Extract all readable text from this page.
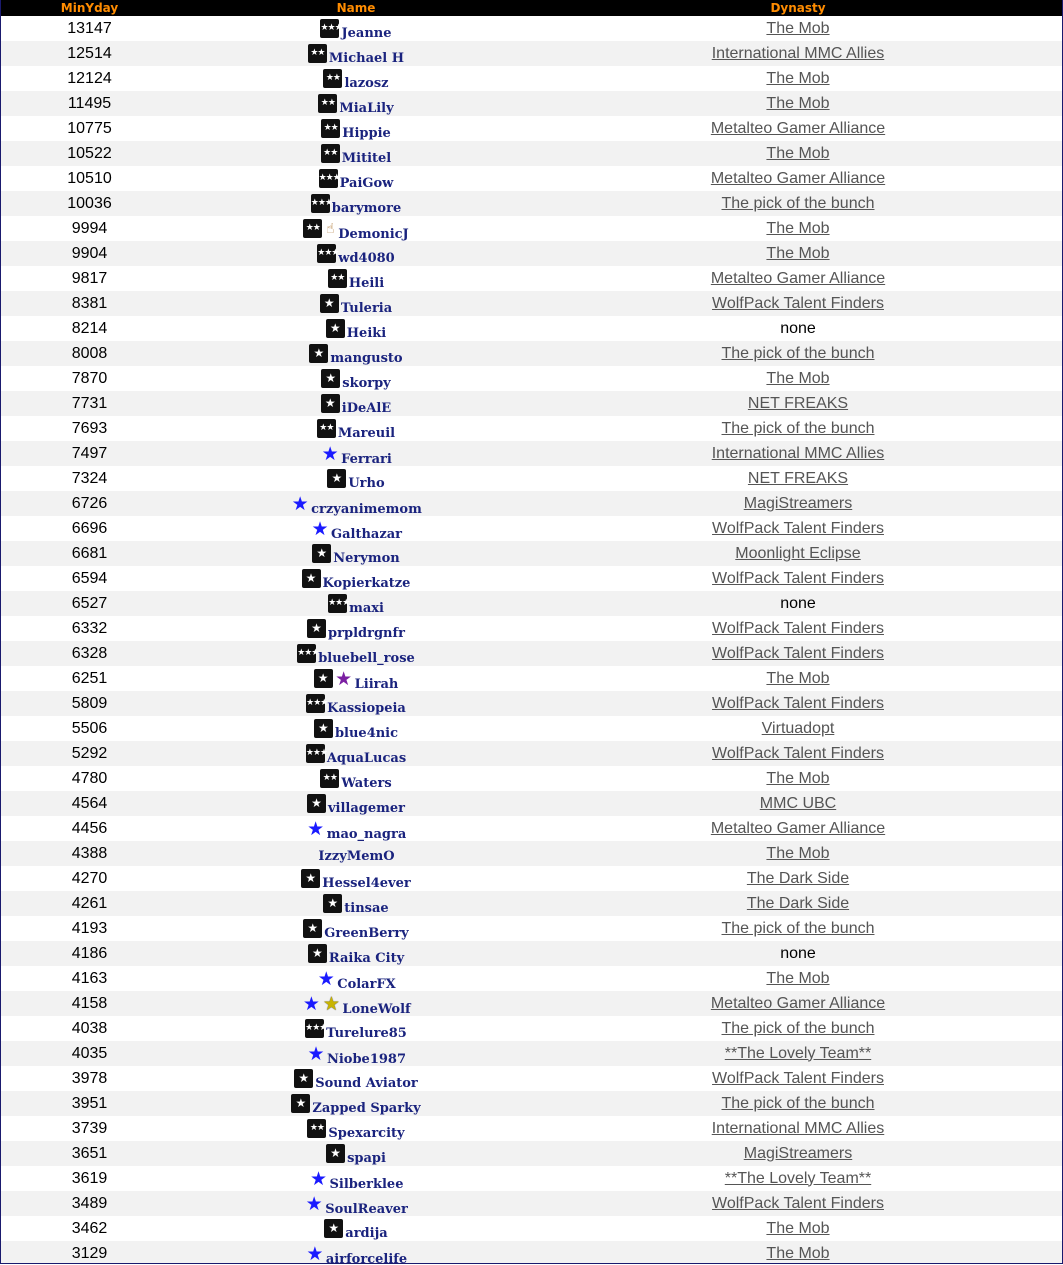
MinYday	Name	Dynasty
13147	★★★ Jeanne	The Mob
12514	★★ Michael H	International MMC Allies
12124	★★ lazosz	The Mob
11495	★★ MiaLily	The Mob
10775	★★ Hippie	Metalteo Gamer Alliance
10522	★★ Mititel	The Mob
10510	★★★ PaiGow	Metalteo Gamer Alliance
10036	★★★ barymore	The pick of the bunch
9994	★★ ☝ DemonicJ	The Mob
9904	★★★ wd4080	The Mob
9817	★★ Heili	Metalteo Gamer Alliance
8381	★ Tuleria	WolfPack Talent Finders
8214	★ Heiki	none
8008	★ mangusto	The pick of the bunch
7870	★ skorpy	The Mob
7731	★ iDeAlE	NET FREAKS
7693	★★ Mareuil	The pick of the bunch
7497	★ Ferrari	International MMC Allies
7324	★ Urho	NET FREAKS
6726	★ crzyanimemom	MagiStreamers
6696	★ Galthazar	WolfPack Talent Finders
6681	★ Nerymon	Moonlight Eclipse
6594	★ Kopierkatze	WolfPack Talent Finders
6527	★★★ maxi	none
6332	★ prpldrgnfr	WolfPack Talent Finders
6328	★★★ bluebell_rose	WolfPack Talent Finders
6251	★ ★ Liirah	The Mob
5809	★★★ Kassiopeia	WolfPack Talent Finders
5506	★ blue4nic	Virtuadopt
5292	★★★ AquaLucas	WolfPack Talent Finders
4780	★★ Waters	The Mob
4564	★ villagemer	MMC UBC
4456	★ mao_nagra	Metalteo Gamer Alliance
4388	IzzyMemO	The Mob
4270	★ Hessel4ever	The Dark Side
4261	★ tinsae	The Dark Side
4193	★ GreenBerry	The pick of the bunch
4186	★ Raika City	none
4163	★ ColarFX	The Mob
4158	★ ★ LoneWolf	Metalteo Gamer Alliance
4038	★★★ Turelure85	The pick of the bunch
4035	★ Niobe1987	**The Lovely Team**
3978	★ Sound Aviator	WolfPack Talent Finders
3951	★ Zapped Sparky	The pick of the bunch
3739	★★ Spexarcity	International MMC Allies
3651	★ spapi	MagiStreamers
3619	★ Silberklee	**The Lovely Team**
3489	★ SoulReaver	WolfPack Talent Finders
3462	★ ardija	The Mob
3129	★ airforcelife	The Mob
